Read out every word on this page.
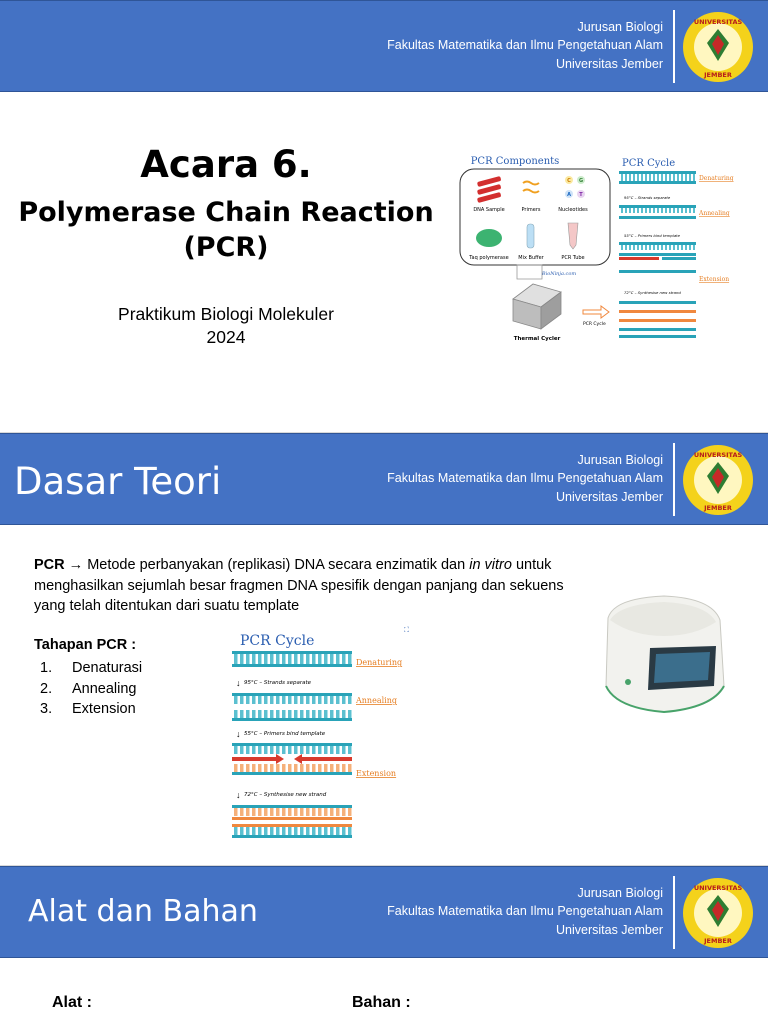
Jurusan Biologi
Fakultas Matematika dan Ilmu Pengetahuan Alam
Universitas Jember
UNIVERSITAS
JEMBER
Acara 6.
Polymerase Chain Reaction
(PCR)
Praktikum Biologi Molekuler
2024
PCR Components
DNA Sample	Primers
C G
A T
Nucleotides
Taq polymerase Mix Buffer	PCR Tube
BioNinja.com
Thermal Cycler
PCR Cycle
PCR Cycle
Denaturing
Annealing
Extension
95°C – Strands separate
55°C – Primers bind template
72°C – Synthesise new strand
Dasar Teori	Jurusan Biologi
Fakultas Matematika dan Ilmu Pengetahuan Alam
Universitas Jember
UNIVERSITAS
JEMBER
PCR → Metode perbanyakan (replikasi) DNA secara enzimatik dan in vitro untuk menghasilkan sejumlah besar fragmen DNA spesifik dengan panjang dan sekuens yang telah ditentukan dari suatu template
Tahapan PCR :
1. Denaturasi
2. Annealing
3. Extension
PCR Cycle
⛶
Denaturing
↓ 95°C – Strands separate
Annealing
↓ 55°C – Primers bind template
Extension
↓ 72°C – Synthesise new strand
Alat dan Bahan
Jurusan Biologi
Fakultas Matematika dan Ilmu Pengetahuan Alam
Universitas Jember
UNIVERSITAS
JEMBER
Alat :	Bahan :
